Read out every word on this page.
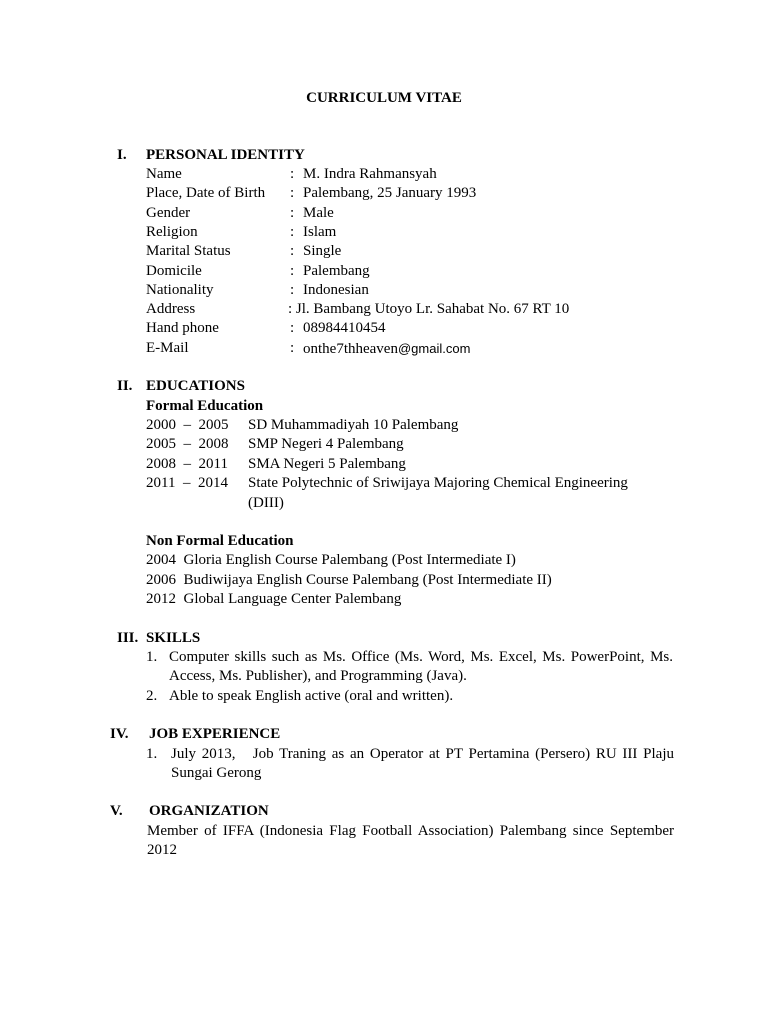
CURRICULUM VITAE
I. PERSONAL IDENTITY
Name	: M. Indra Rahmansyah
Place, Date of Birth : Palembang, 25 January 1993
Gender	: Male
Religion	: Islam
Marital Status	: Single
Domicile	: Palembang
Nationality	: Indonesian
Address	: Jl. Bambang Utoyo Lr. Sahabat No. 67 RT 10
Hand phone	: 08984410454
E-Mail	: onthe7thheaven@gmail.com
II. EDUCATIONS
Formal Education
2000  –  2005 SD Muhammadiyah 10 Palembang
2005  –  2008 SMP Negeri 4 Palembang
2008  –  2011 SMA Negeri 5 Palembang
2011  –  2014 State Polytechnic of Sriwijaya Majoring Chemical Engineering
(DIII)
Non Formal Education
2004  Gloria English Course Palembang (Post Intermediate I)
2006  Budiwijaya English Course Palembang (Post Intermediate II)
2012  Global Language Center Palembang
III. SKILLS
1. Computer skills such as Ms. Office (Ms. Word, Ms. Excel, Ms. PowerPoint, Ms.
Access, Ms. Publisher), and Programming (Java).
2. Able to speak English active (oral and written).
IV. JOB EXPERIENCE
1. July 2013,   Job Traning as an Operator at PT Pertamina (Persero) RU III Plaju
Sungai Gerong
V. ORGANIZATION
Member of IFFA (Indonesia Flag Football Association) Palembang since September
2012
